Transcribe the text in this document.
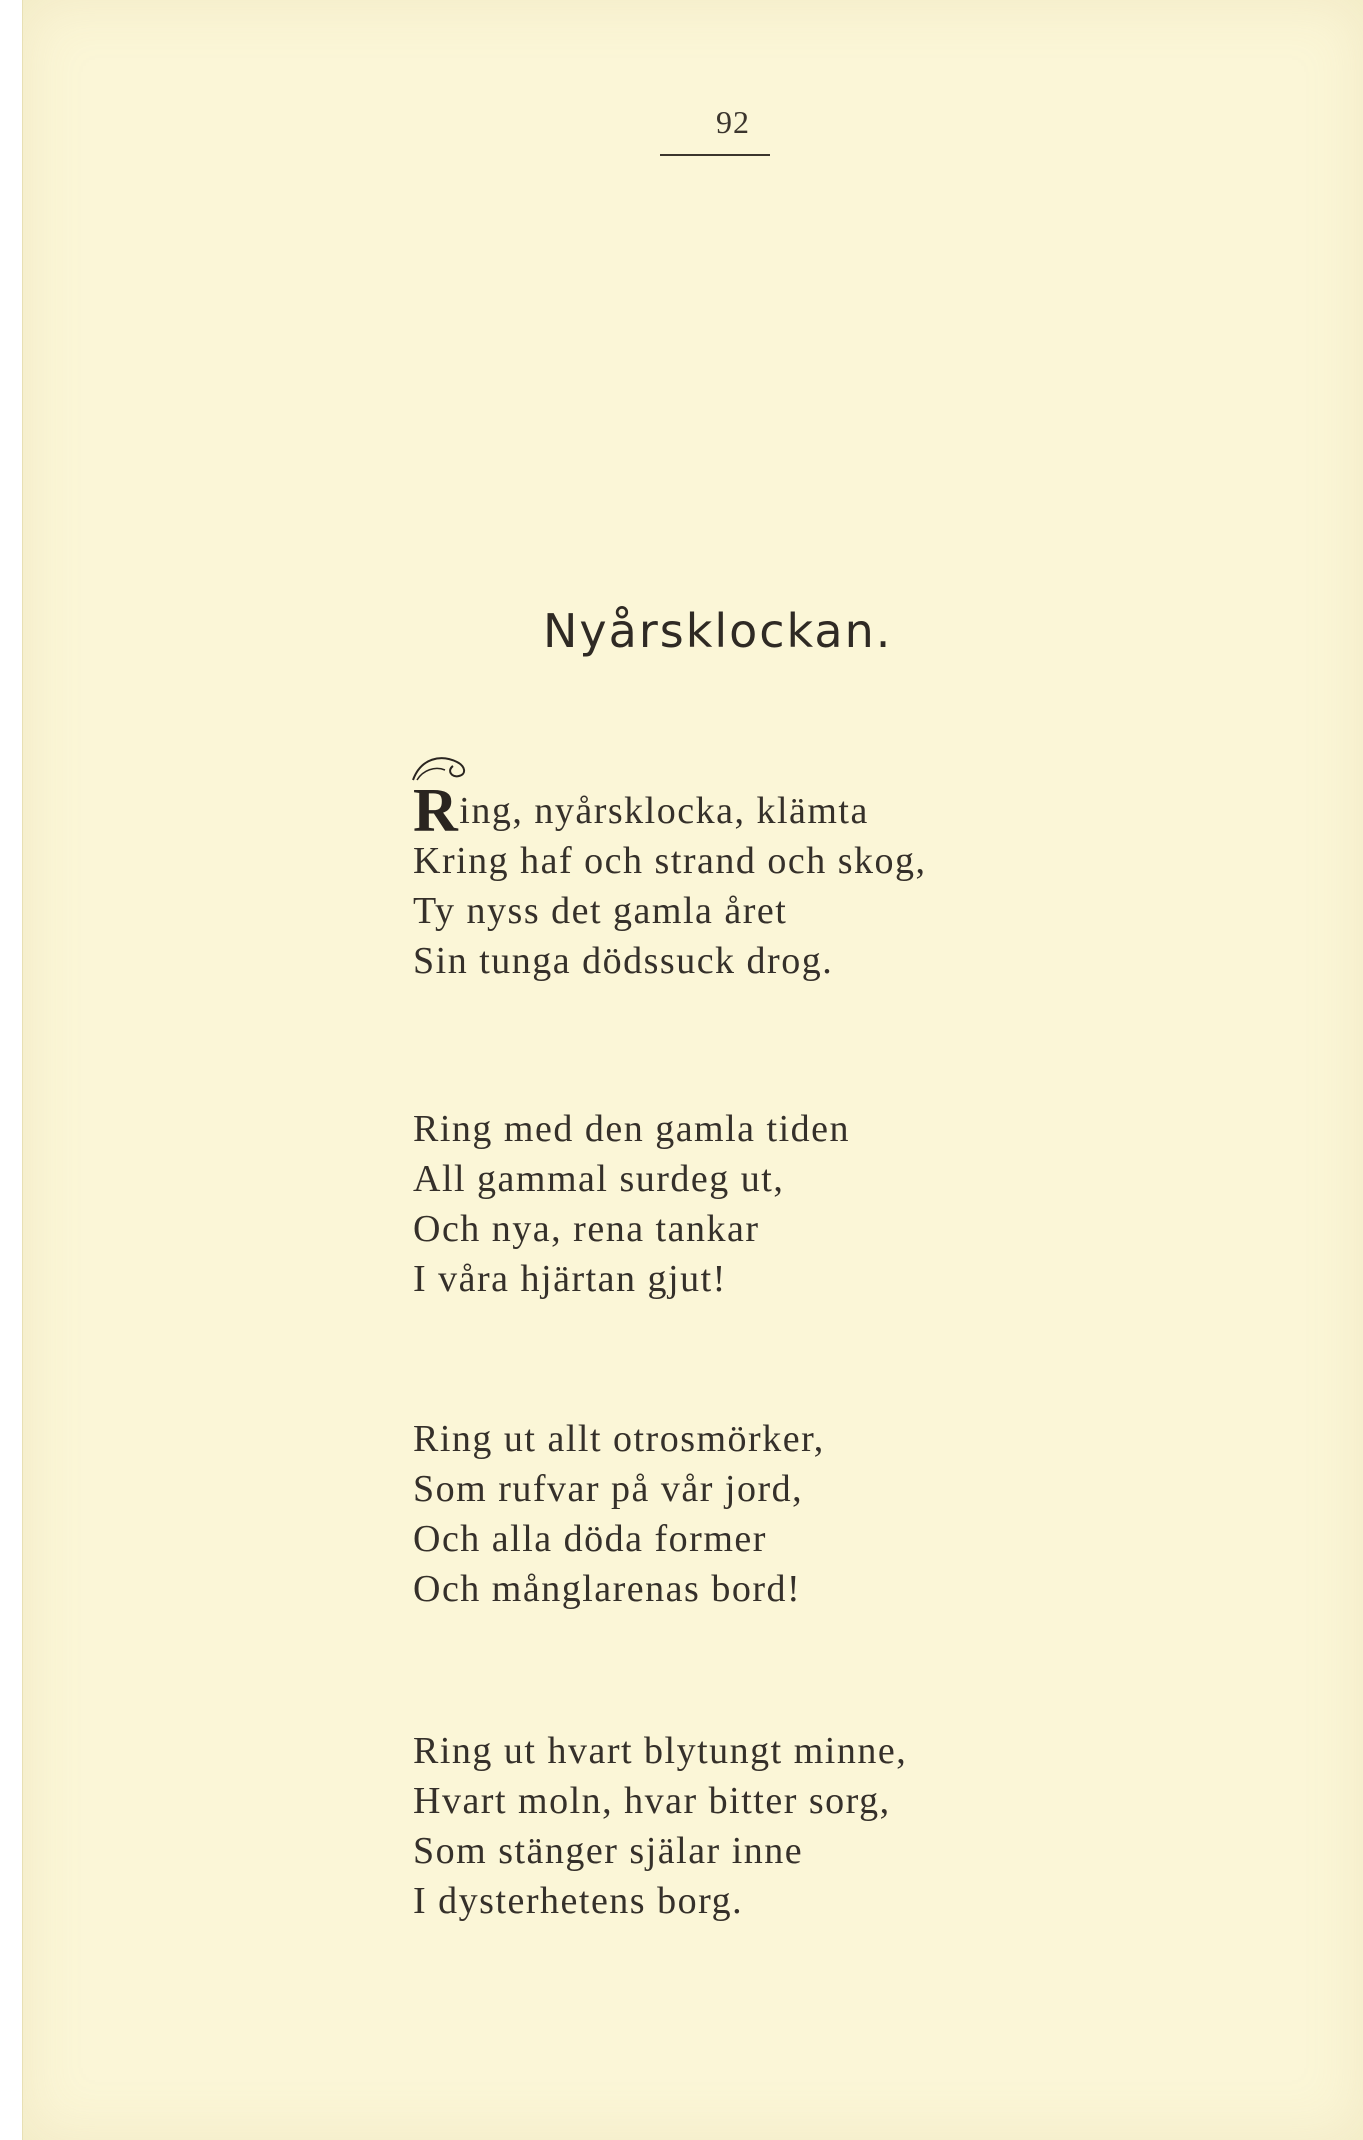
92
Nyårsklockan.
Ring, nyårsklocka, klämta
Kring haf och strand och skog,
Ty nyss det gamla året
Sin tunga dödssuck drog.
Ring med den gamla tiden
All gammal surdeg ut,
Och nya, rena tankar
I våra hjärtan gjut!
Ring ut allt otrosmörker,
Som rufvar på vår jord,
Och alla döda former
Och månglarenas bord!
Ring ut hvart blytungt minne,
Hvart moln, hvar bitter sorg,
Som stänger själar inne
I dysterhetens borg.
